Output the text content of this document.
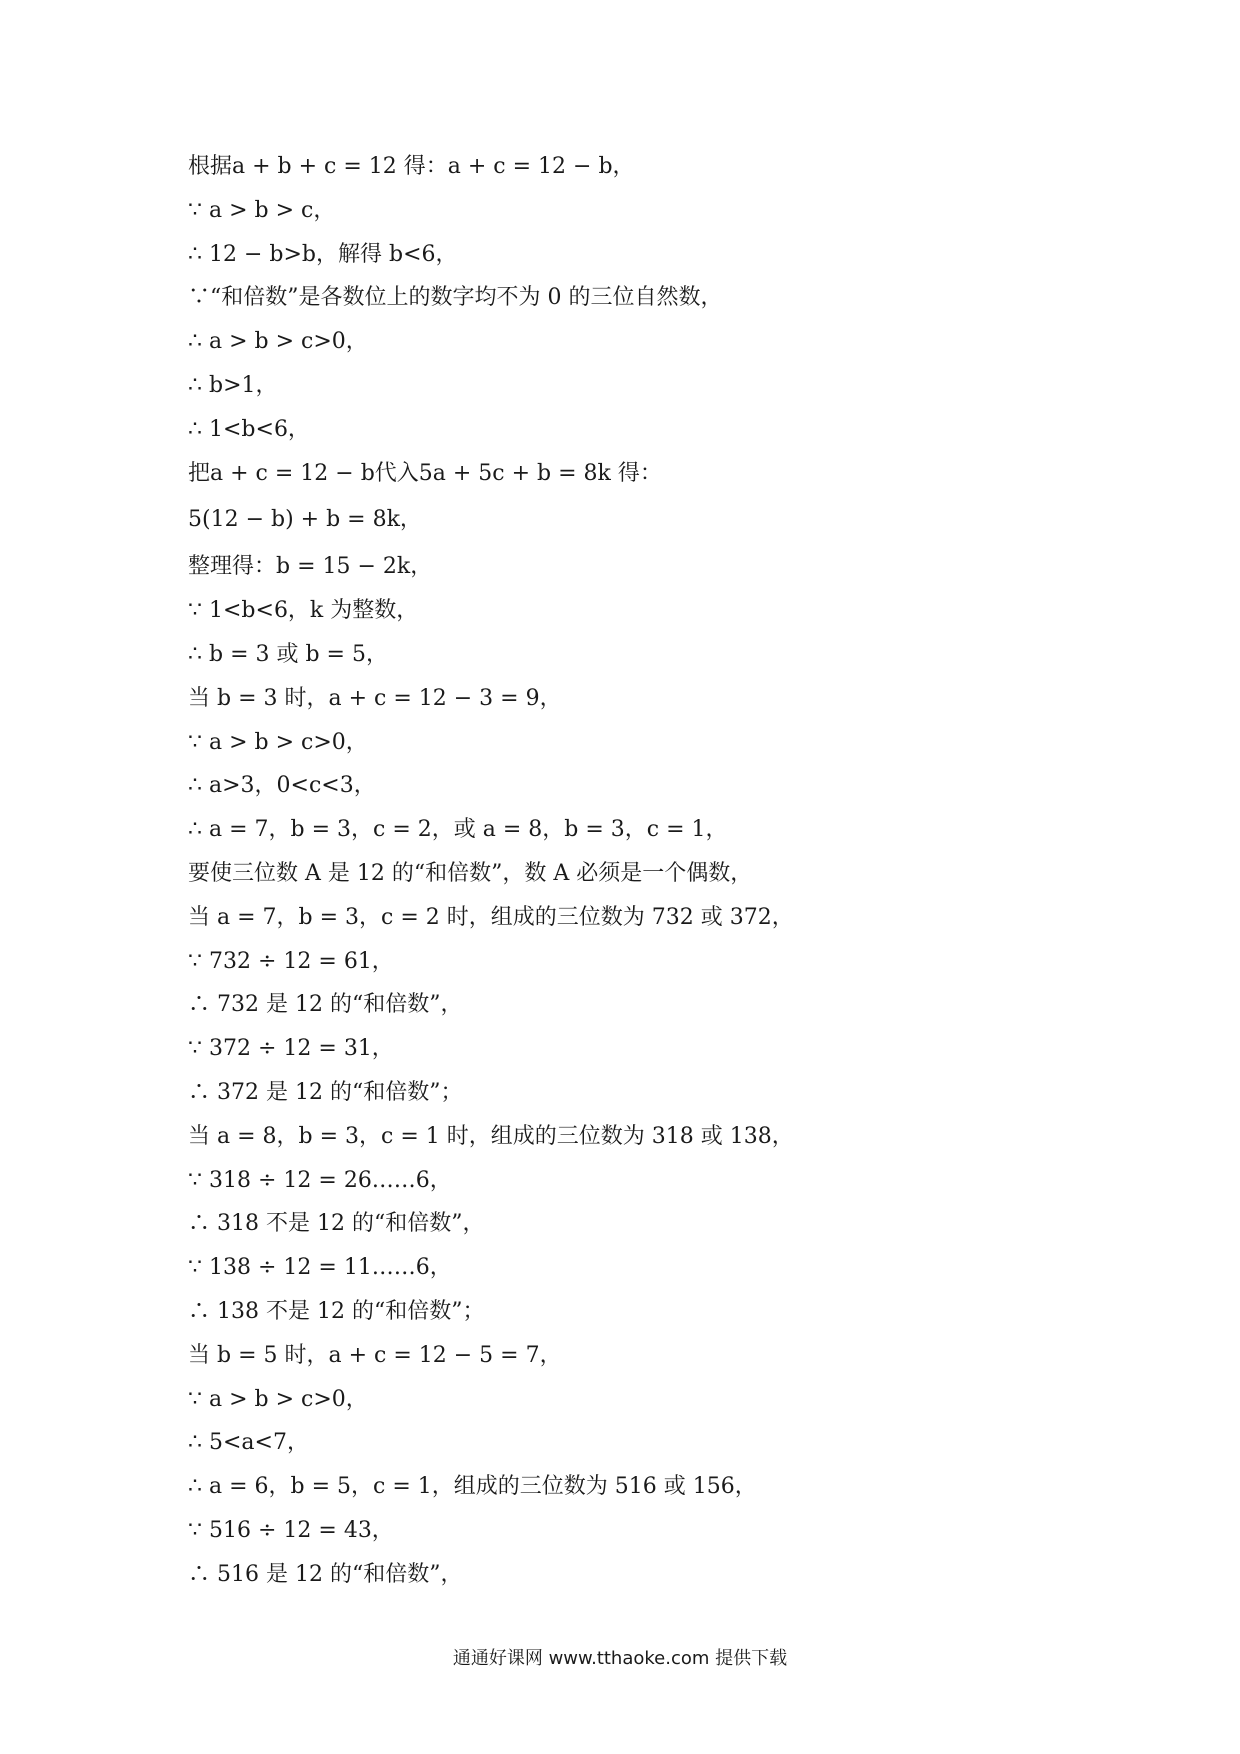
根据a + b + c = 12 得：a + c = 12 − b，
∵ a > b > c，
∴ 12 − b>b，解得 b<6，
∵“和倍数”是各数位上的数字均不为 0 的三位自然数，
∴ a > b > c>0，
∴ b>1，
∴ 1<b<6，
把a + c = 12 − b代入5a + 5c + b = 8k 得：
5(12 − b) + b = 8k，
整理得：b = 15 − 2k，
∵ 1<b<6，k 为整数，
∴ b = 3 或 b = 5，
当 b = 3 时，a + c = 12 − 3 = 9，
∵ a > b > c>0，
∴ a>3，0<c<3，
∴ a = 7，b = 3，c = 2，或 a = 8，b = 3，c = 1，
要使三位数 A 是 12 的“和倍数”，数 A 必须是一个偶数，
当 a = 7，b = 3，c = 2 时，组成的三位数为 732 或 372，
∵ 732 ÷ 12 = 61，
∴ 732 是 12 的“和倍数”，
∵ 372 ÷ 12 = 31，
∴ 372 是 12 的“和倍数”；
当 a = 8，b = 3，c = 1 时，组成的三位数为 318 或 138，
∵ 318 ÷ 12 = 26……6，
∴ 318 不是 12 的“和倍数”，
∵ 138 ÷ 12 = 11……6，
∴ 138 不是 12 的“和倍数”；
当 b = 5 时，a + c = 12 − 5 = 7，
∵ a > b > c>0，
∴ 5<a<7，
∴ a = 6，b = 5，c = 1，组成的三位数为 516 或 156，
∵ 516 ÷ 12 = 43，
∴ 516 是 12 的“和倍数”，
通通好课网 www.tthaoke.com 提供下载
